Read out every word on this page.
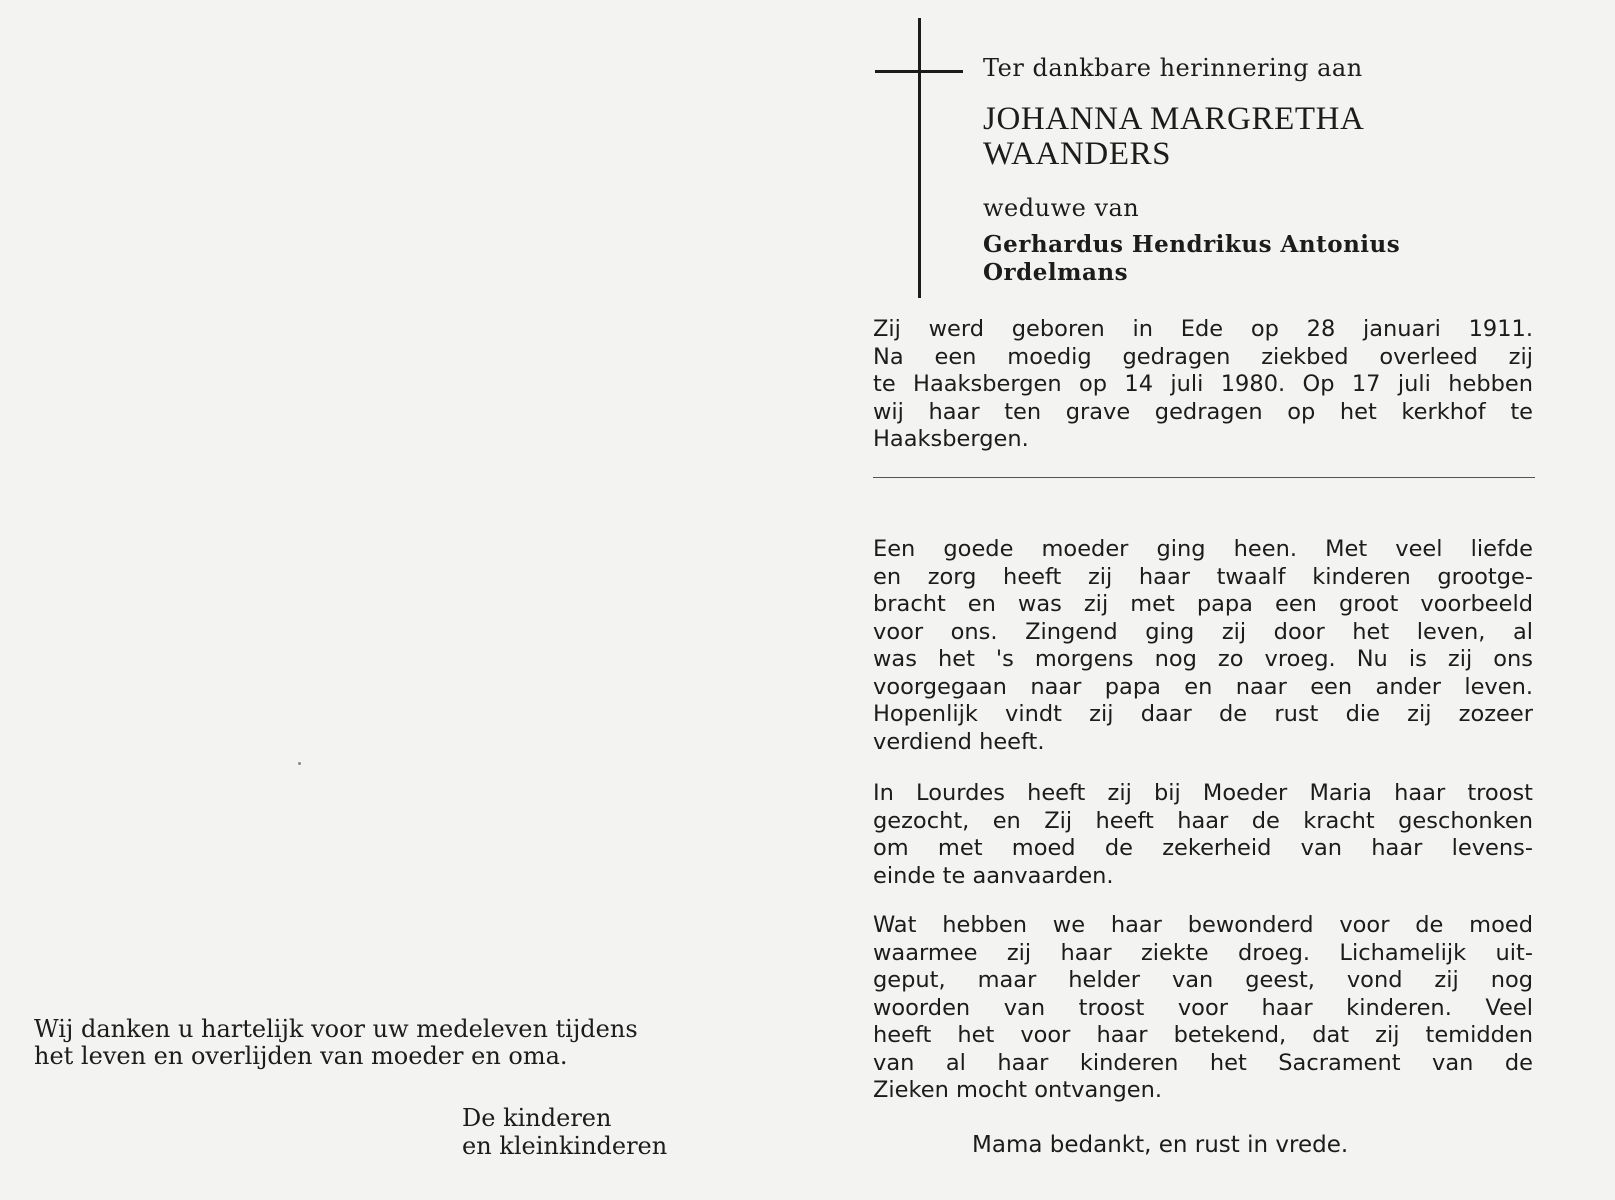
Wij danken u hartelijk voor uw medeleven tijdens
het leven en overlijden van moeder en oma.
De kinderen
en kleinkinderen
Ter dankbare herinnering aan
JOHANNA MARGRETHA
WAANDERS
weduwe van
Gerhardus Hendrikus Antonius
Ordelmans
Zij werd geboren in Ede op 28 januari 1911.
Na een moedig gedragen ziekbed overleed zij
te Haaksbergen op 14 juli 1980. Op 17 juli hebben
wij haar ten grave gedragen op het kerkhof te
Haaksbergen.
Een goede moeder ging heen. Met veel liefde
en zorg heeft zij haar twaalf kinderen grootge-
bracht en was zij met papa een groot voorbeeld
voor ons. Zingend ging zij door het leven, al
was het 's morgens nog zo vroeg. Nu is zij ons
voorgegaan naar papa en naar een ander leven.
Hopenlijk vindt zij daar de rust die zij zozeer
verdiend heeft.
In Lourdes heeft zij bij Moeder Maria haar troost
gezocht, en Zij heeft haar de kracht geschonken
om met moed de zekerheid van haar levens-
einde te aanvaarden.
Wat hebben we haar bewonderd voor de moed
waarmee zij haar ziekte droeg. Lichamelijk uit-
geput, maar helder van geest, vond zij nog
woorden van troost voor haar kinderen. Veel
heeft het voor haar betekend, dat zij temidden
van al haar kinderen het Sacrament van de
Zieken mocht ontvangen.
Mama bedankt, en rust in vrede.
